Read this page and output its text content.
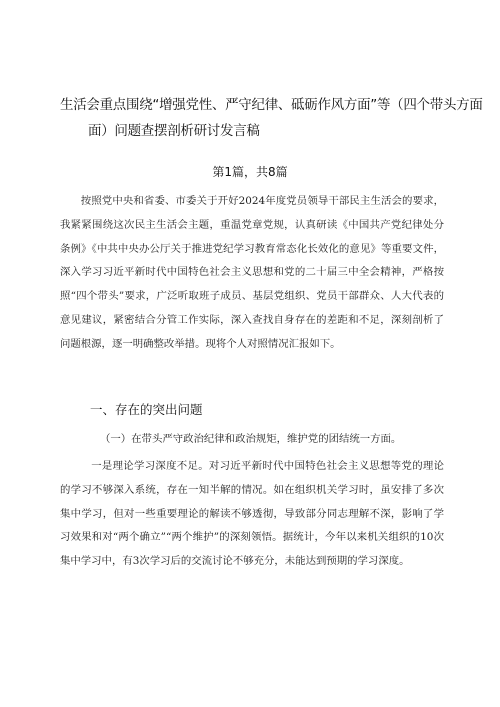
生活会重点围绕“增强党性、严守纪律、砥砺作风方面”等（四个带头方面
面）问题查摆剖析研讨发言稿
第1篇，共8篇

按照党中央和省委、市委关于开好2024年度党员领导干部民主生活会的要求，我紧紧围绕这次民主生活会主题，重温党章党规，认真研读《中国共产党纪律处分条例》《中共中央办公厅关于推进党纪学习教育常态化长效化的意见》等重要文件，深入学习习近平新时代中国特色社会主义思想和党的二十届三中全会精神，严格按照“四个带头”要求，广泛听取班子成员、基层党组织、党员干部群众、人大代表的意见建议，紧密结合分管工作实际，深入查找自身存在的差距和不足，深刻剖析了问题根源，逐一明确整改举措。现将个人对照情况汇报如下。

一、存在的突出问题
（一）在带头严守政治纪律和政治规矩，维护党的团结统一方面。

一是理论学习深度不足。对习近平新时代中国特色社会主义思想等党的理论的学习不够深入系统，存在一知半解的情况。如在组织机关学习时，虽安排了多次集中学习，但对一些重要理论的解读不够透彻，导致部分同志理解不深，影响了学习效果和对“两个确立”“两个维护”的深刻领悟。据统计，今年以来机关组织的10次集中学习中，有3次学习后的交流讨论不够充分，未能达到预期的学习深度。
